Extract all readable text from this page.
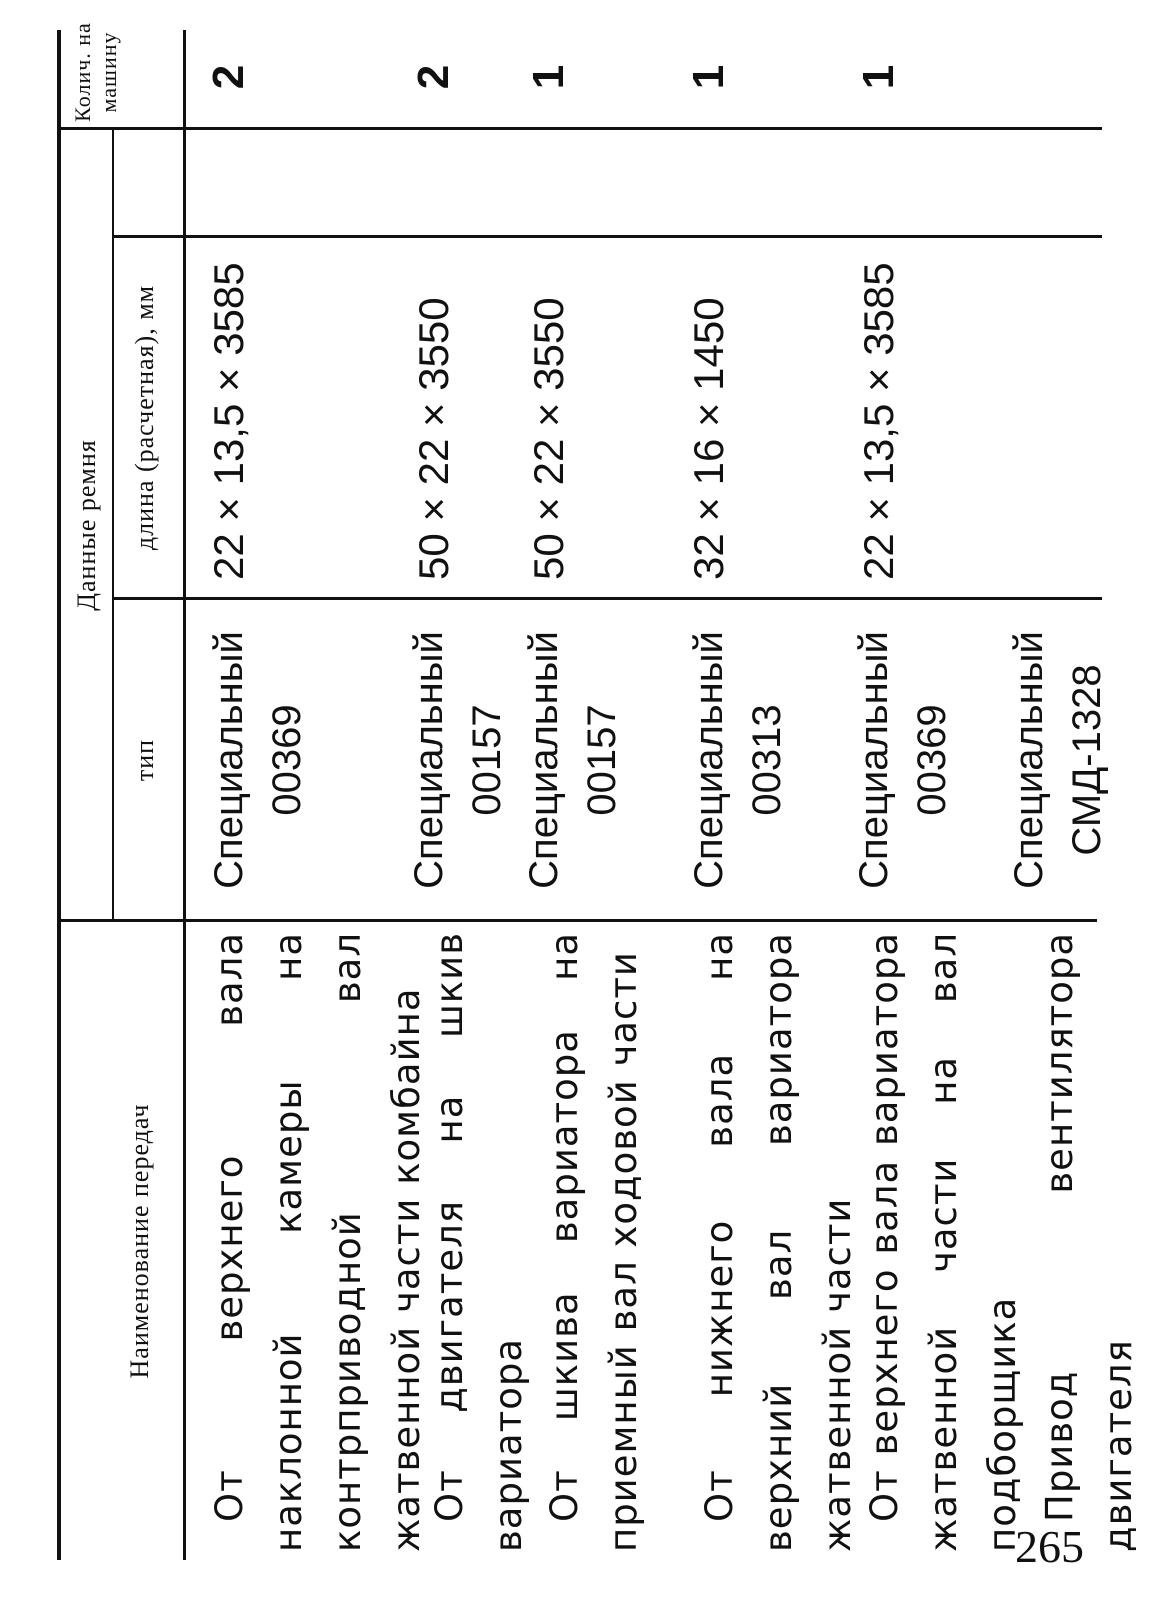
Наименование передач
Данные ремня
тип
длина (расчетная), мм
Колич. на машину
От верхнего вала наклонной камеры на контрприводной вал жатвенной части комбайна
Специальный 00369
22 × 13,5 × 3585
2
От двигателя на шкив вариатора
Специальный 00157
50 × 22 × 3550
2
От шкива вариатора на приемный вал ходовой части
Специальный 00157
50 × 22 × 3550
1
От нижнего вала на верхний вал вариатора жатвенной части
Специальный 00313
32 × 16 × 1450
1
От верхнего вала вариатора жатвенной части на вал подборщика
Специальный 00369
22 × 13,5 × 3585
1
Привод вентилятора двигателя
Специальный СМД-1328
265
